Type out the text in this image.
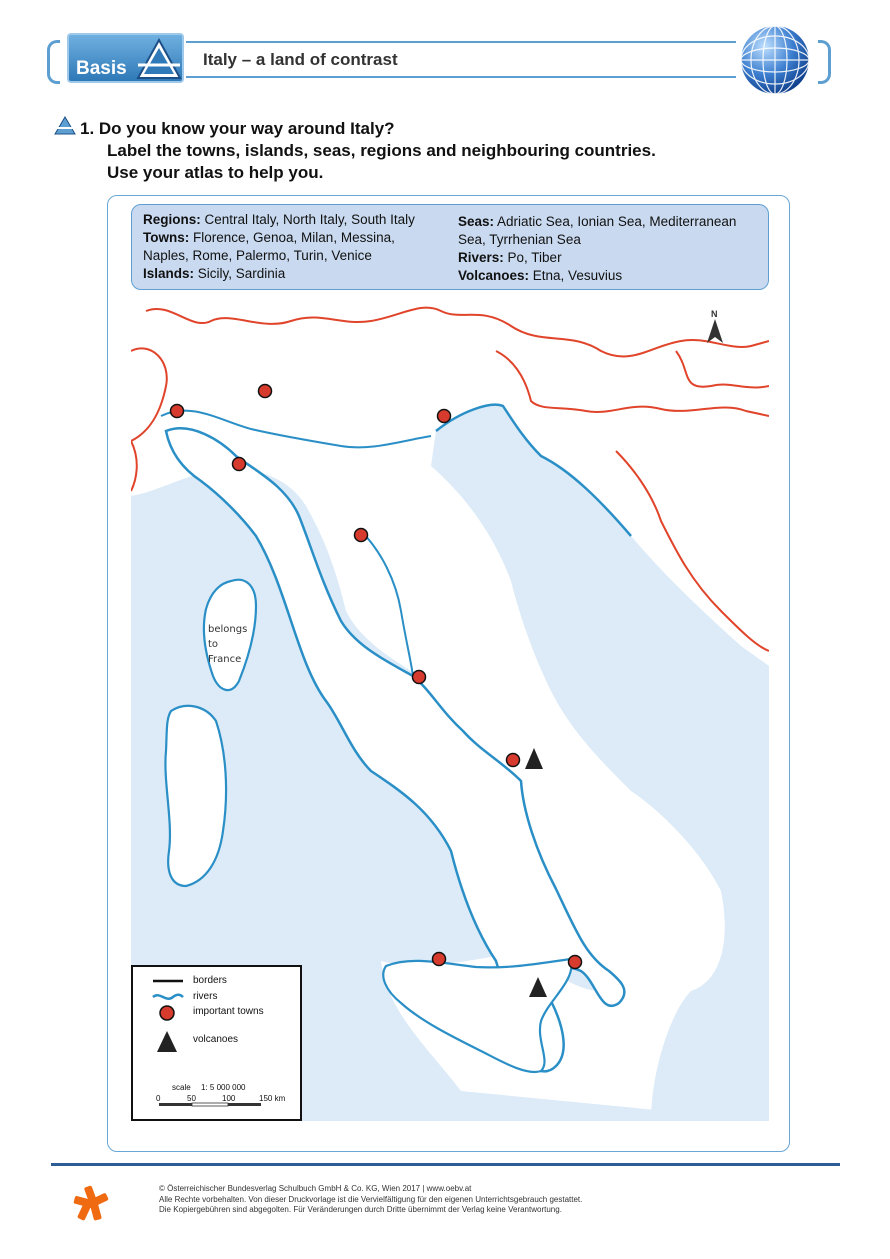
Basis	Italy – a land of contrast
1. Do you know your way around Italy?
Label the towns, islands, seas, regions and neighbouring countries.
Use your atlas to help you.
belongs
to
France
N
Regions: Central Italy, North Italy, South Italy
Towns: Florence, Genoa, Milan, Messina, Naples, Rome, Palermo, Turin, Venice
Islands: Sicily, Sardinia
Seas: Adriatic Sea, Ionian Sea, Mediterranean Sea, Tyrrhenian Sea
Rivers: Po, Tiber
Volcanoes: Etna, Vesuvius
borders
rivers
important towns
volcanoes
scale 1: 5 000 000
0	50	100	150 km
© Österreichischer Bundesverlag Schulbuch GmbH & Co. KG, Wien 2017 | www.oebv.at
Alle Rechte vorbehalten. Von dieser Druckvorlage ist die Vervielfältigung für den eigenen Unterrichtsgebrauch gestattet.
Die Kopiergebühren sind abgegolten. Für Veränderungen durch Dritte übernimmt der Verlag keine Verantwortung.
